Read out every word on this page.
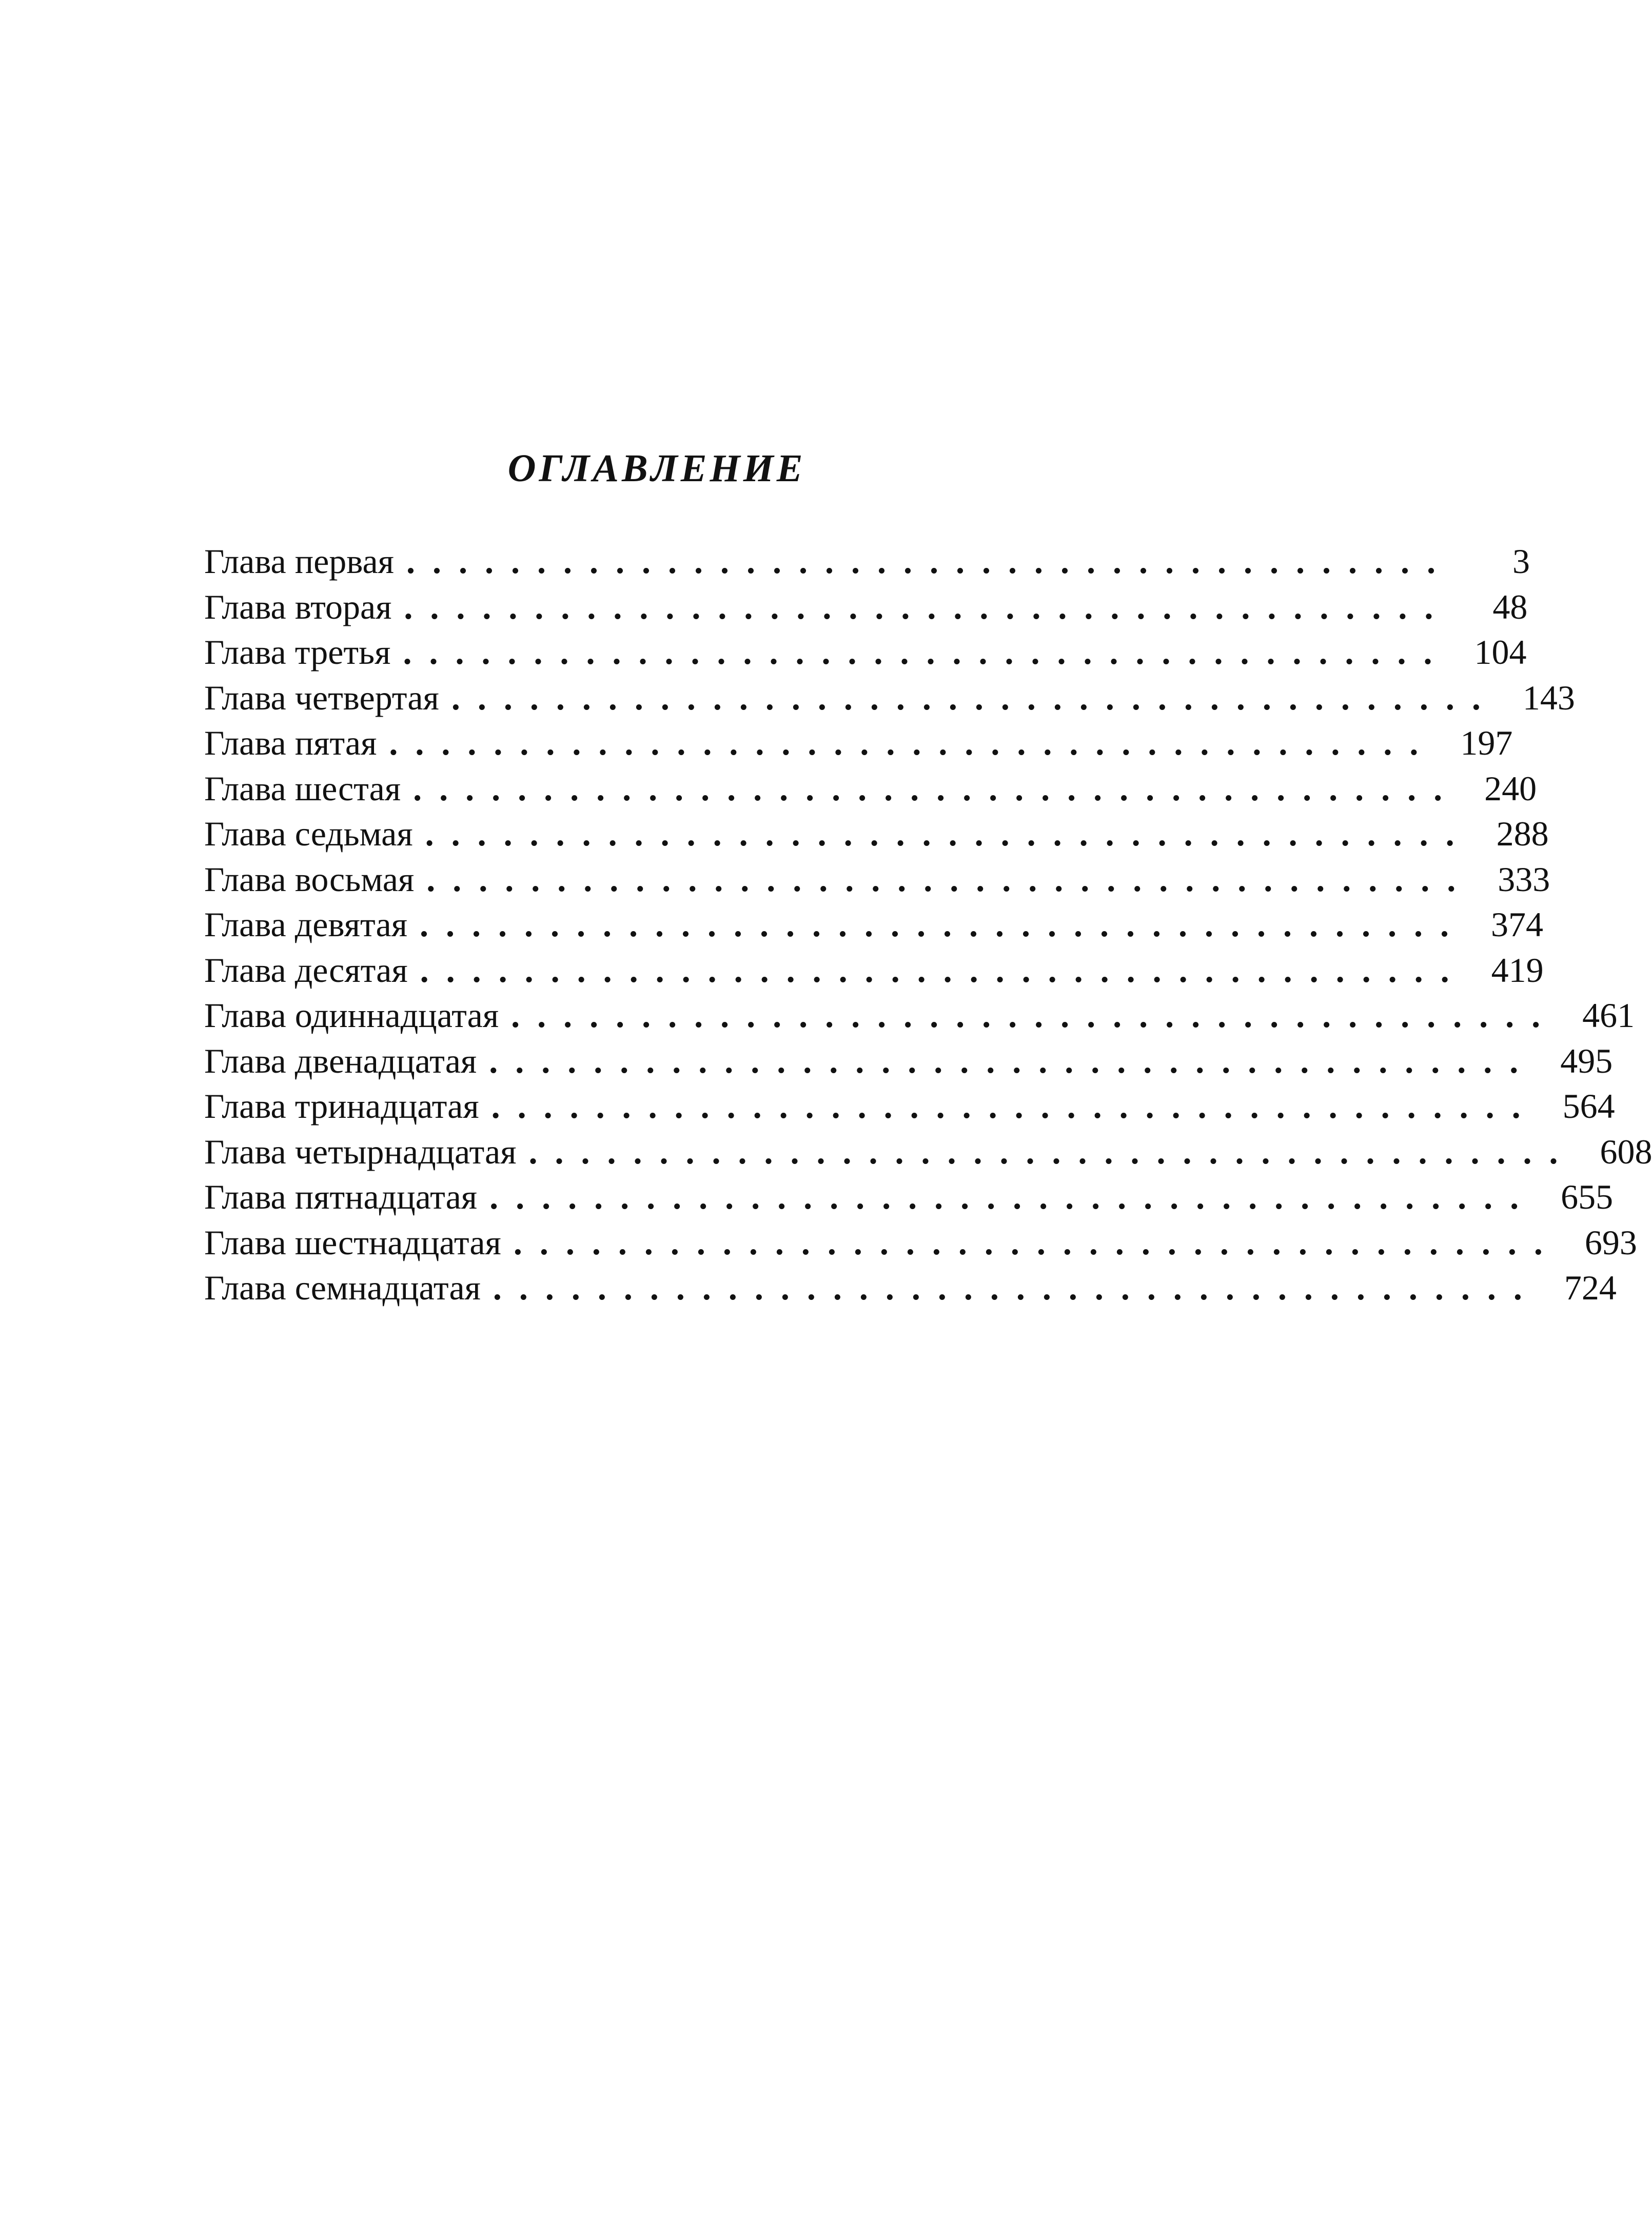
ОГЛАВЛЕНИЕ
Глава первая ........................................	3
Глава вторая ........................................	48
Глава третья ........................................ 104
Глава четвертая ........................................ 143
Глава пятая ........................................ 197
Глава шестая ........................................ 240
Глава седьмая ........................................ 288
Глава восьмая ........................................ 333
Глава девятая ........................................ 374
Глава десятая ........................................ 419
Глава одиннадцатая ........................................ 461
Глава двенадцатая ........................................ 495
Глава тринадцатая ........................................ 564
Глава четырнадцатая ........................................ 608
Глава пятнадцатая ........................................ 655
Глава шестнадцатая ........................................ 693
Глава семнадцатая ........................................ 724
